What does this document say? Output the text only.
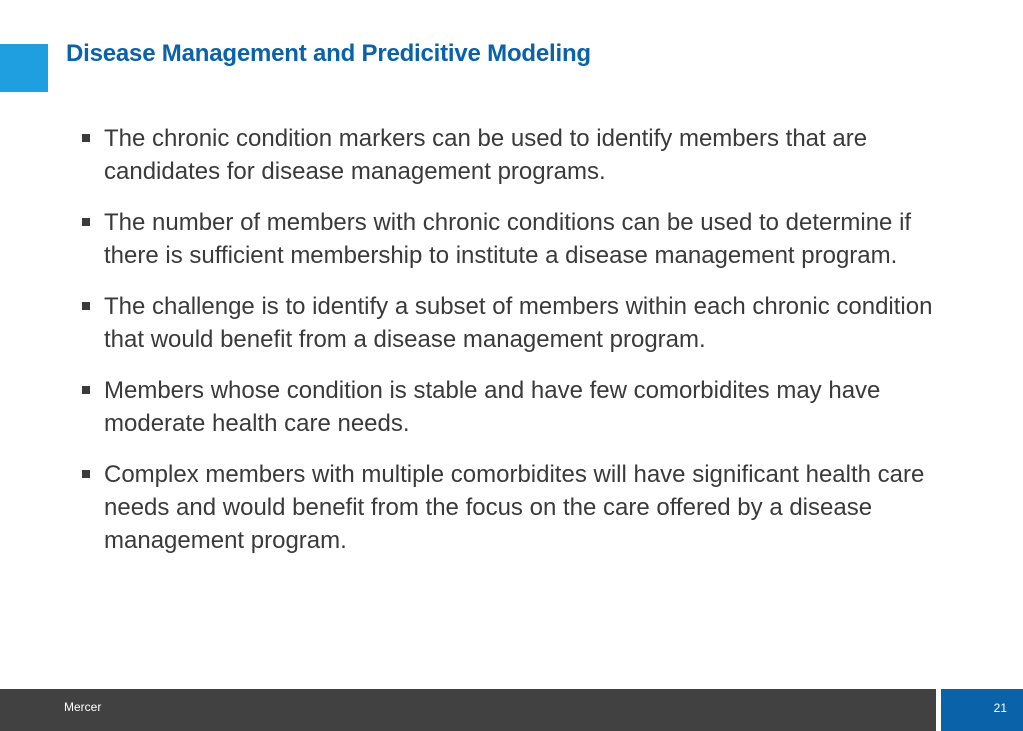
Disease Management and Predicitive Modeling
The chronic condition markers can be used to identify members that are candidates for disease management programs.
The number of members with chronic conditions can be used to determine if there is sufficient membership to institute a disease management program.
The challenge is to identify a subset of members within each chronic condition that would benefit from a disease management program.
Members whose condition is stable and have few comorbidites may have moderate health care needs.
Complex members with multiple comorbidites will have significant health care needs and would benefit from the focus on the care offered by a disease management program.
Mercer	21
